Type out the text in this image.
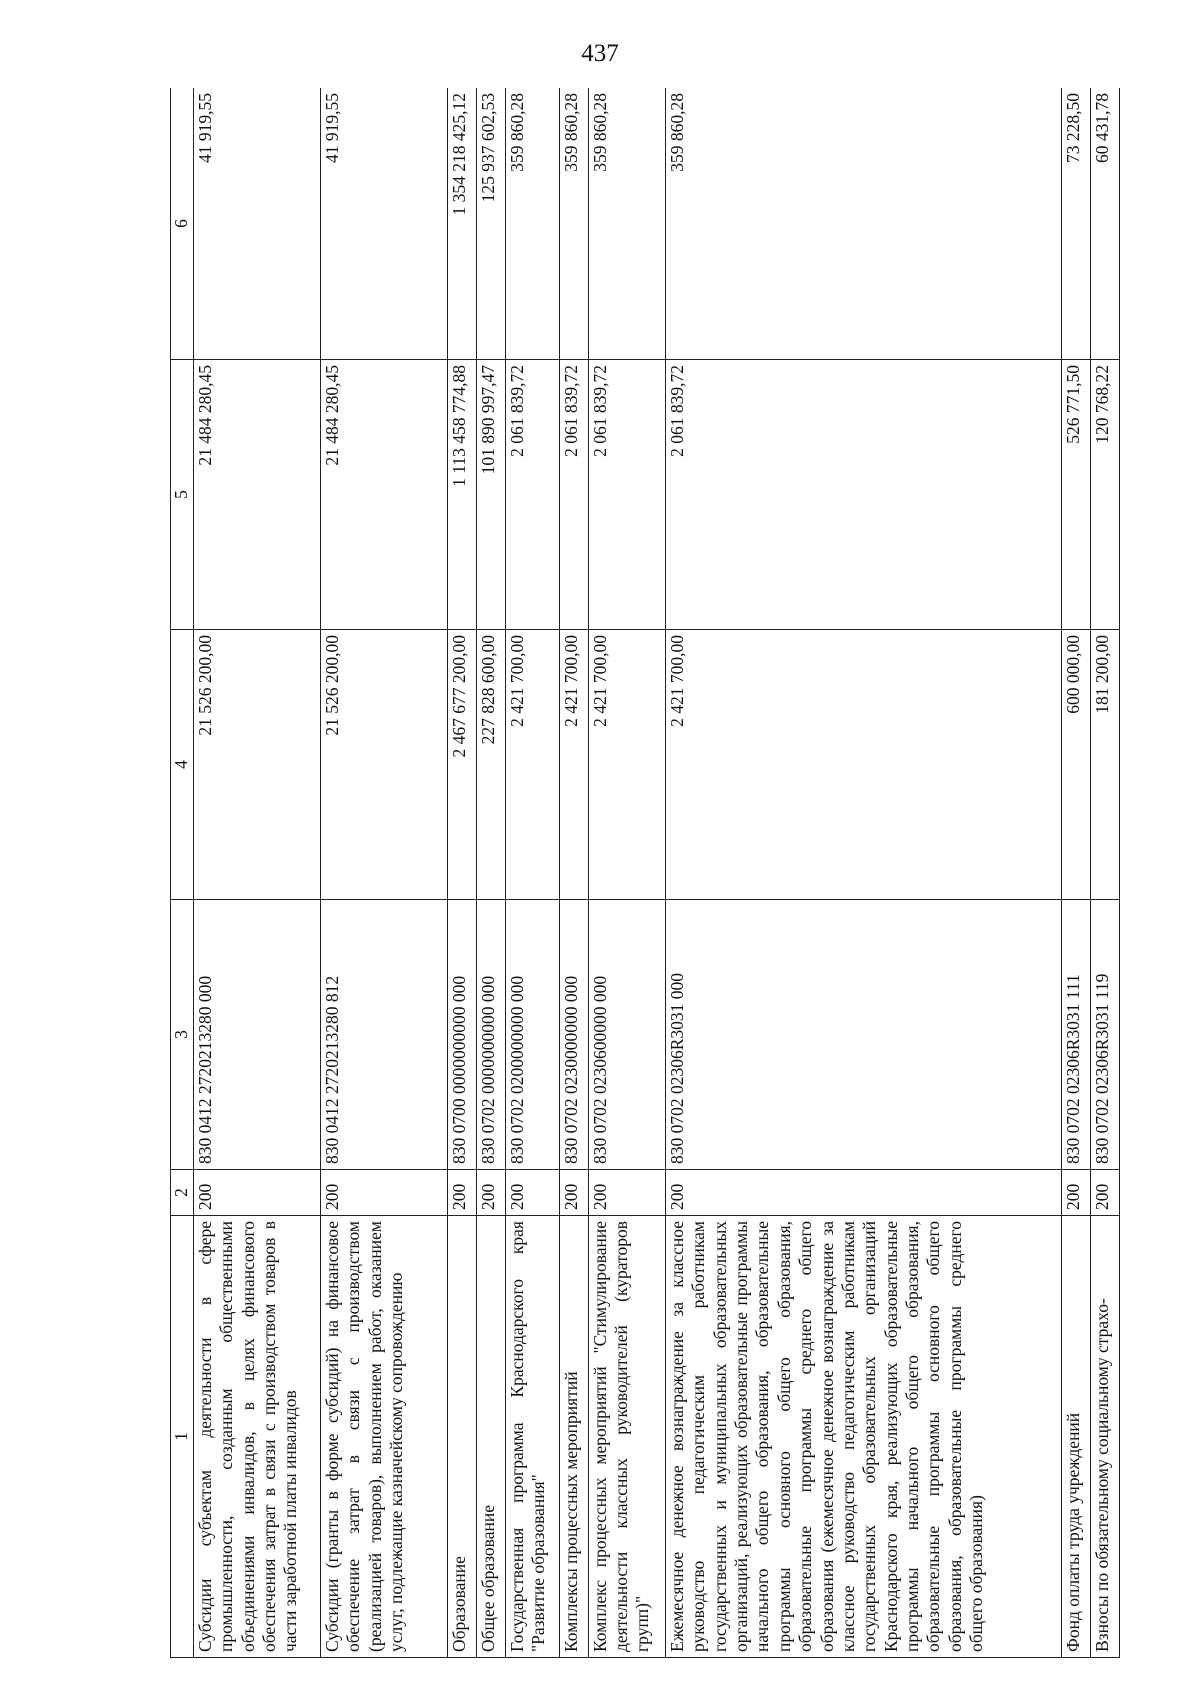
437
1	2	3	4	5	6
Субсидии субъектам деятельности в сфере промышленности, созданным общественными объединениями инвалидов, в целях финансового обеспечения затрат в связи с производством товаров в части заработной платы инвалидов	200	830 0412 2720213280 000	21 526 200,00	21 484 280,45	41 919,55
Субсидии (гранты в форме субсидий) на финансовое обеспечение затрат в связи с производством (реализацией товаров), выполнением работ, оказанием услуг, подлежащие казначейскому сопровождению	200	830 0412 2720213280 812	21 526 200,00	21 484 280,45	41 919,55
Образование	200	830 0700 0000000000 000	2 467 677 200,00	1 113 458 774,88	1 354 218 425,12
Общее образование	200	830 0702 0000000000 000	227 828 600,00	101 890 997,47	125 937 602,53
Государственная программа Краснодарского края "Развитие образования"	200	830 0702 0200000000 000	2 421 700,00	2 061 839,72	359 860,28
Комплексы процессных мероприятий	200	830 0702 0230000000 000	2 421 700,00	2 061 839,72	359 860,28
Комплекс процессных мероприятий "Стимулирование деятельности классных руководителей (кураторов групп)"	200	830 0702 0230600000 000	2 421 700,00	2 061 839,72	359 860,28
Ежемесячное денежное вознаграждение за классное руководство педагогическим работникам государственных и муниципальных образовательных организаций, реализующих образовательные программы начального общего образования, образовательные программы основного общего образования, образовательные программы среднего общего образования (ежемесячное денежное вознаграждение за классное руководство педагогическим работникам государственных образовательных организаций Краснодарского края, реализующих образовательные программы начального общего образования, образовательные программы основного общего образования, образовательные программы среднего общего образования)	200	830 0702 02306R3031 000	2 421 700,00	2 061 839,72	359 860,28
Фонд оплаты труда учреждений	200	830 0702 02306R3031 111	600 000,00	526 771,50	73 228,50
Взносы по обязательному социальному страхо-	200	830 0702 02306R3031 119	181 200,00	120 768,22	60 431,78
